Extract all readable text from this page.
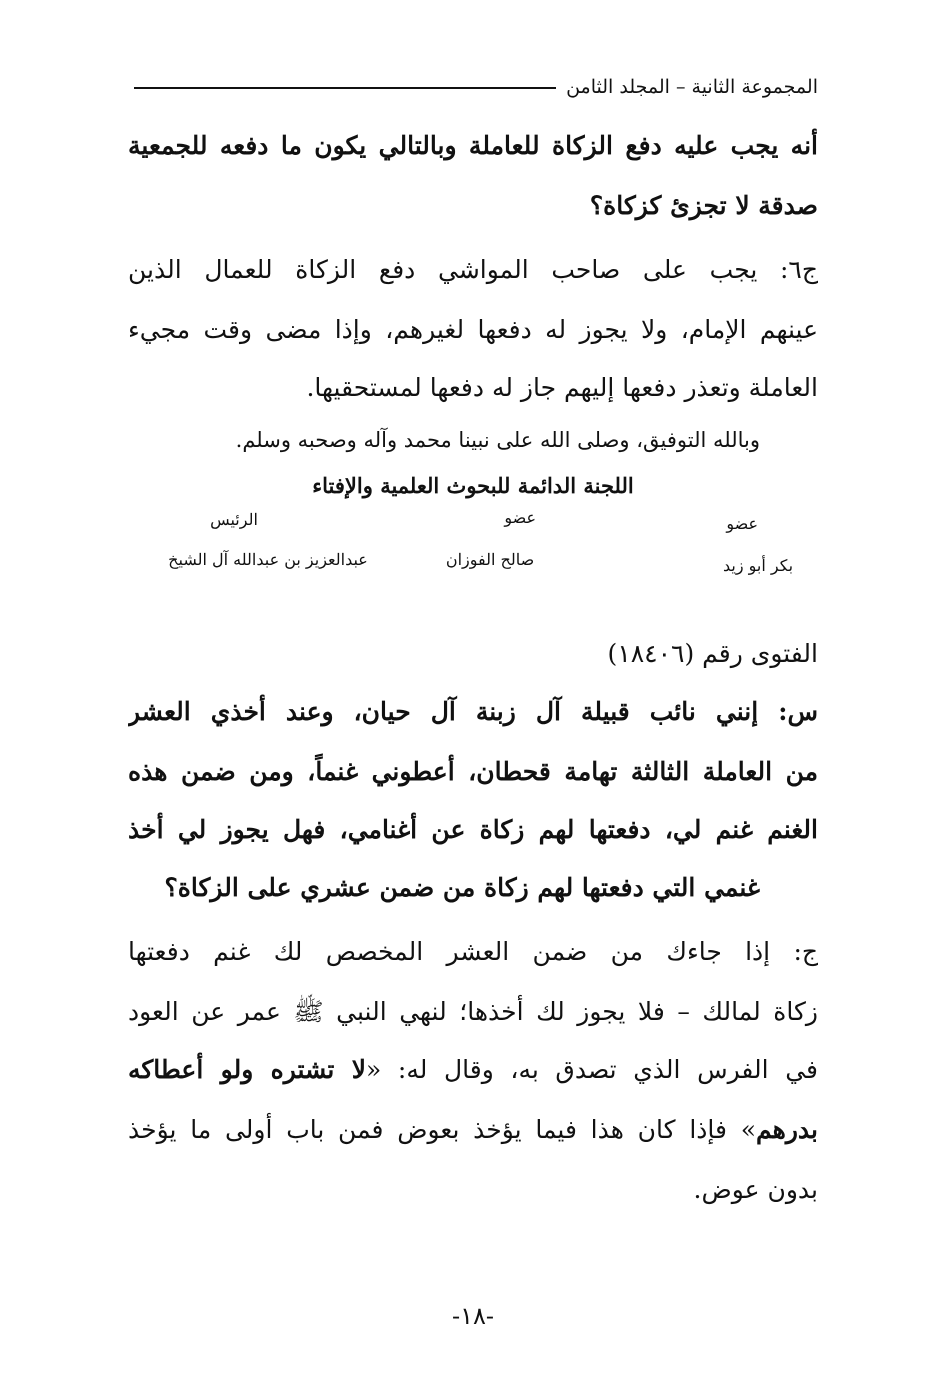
المجموعة الثانية – المجلد الثامن
أنه يجب عليه دفع الزكاة للعاملة وبالتالي يكون ما دفعه للجمعية
صدقة لا تجزئ كزكاة؟
ج٦: يجب على صاحب المواشي دفع الزكاة للعمال الذين
عينهم الإمام، ولا يجوز له دفعها لغيرهم، وإذا مضى وقت مجيء
العاملة وتعذر دفعها إليهم جاز له دفعها لمستحقيها.
وبالله التوفيق، وصلى الله على نبينا محمد وآله وصحبه وسلم.
اللجنة الدائمة للبحوث العلمية والإفتاء
عضو
عضو
الرئيس
بكر أبو زيد
صالح الفوزان
عبدالعزيز بن عبدالله آل الشيخ
الفتوى رقم (١٨٤٠٦)
س: إنني نائب قبيلة آل زبنة آل حيان، وعند أخذي العشر
من العاملة الثالثة تهامة قحطان، أعطوني غنماً، ومن ضمن هذه
الغنم غنم لي، دفعتها لهم زكاة عن أغنامي، فهل يجوز لي أخذ
غنمي التي دفعتها لهم زكاة من ضمن عشري على الزكاة؟
ج: إذا جاءك من ضمن العشر المخصص لك غنم دفعتها
زكاة لمالك – فلا يجوز لك أخذها؛ لنهي النبي ﷺ عمر عن العود
في الفرس الذي تصدق به، وقال له: «لا تشتره ولو أعطاكه
بدرهم» فإذا كان هذا فيما يؤخذ بعوض فمن باب أولى ما يؤخذ
بدون عوض.
-١٨-
